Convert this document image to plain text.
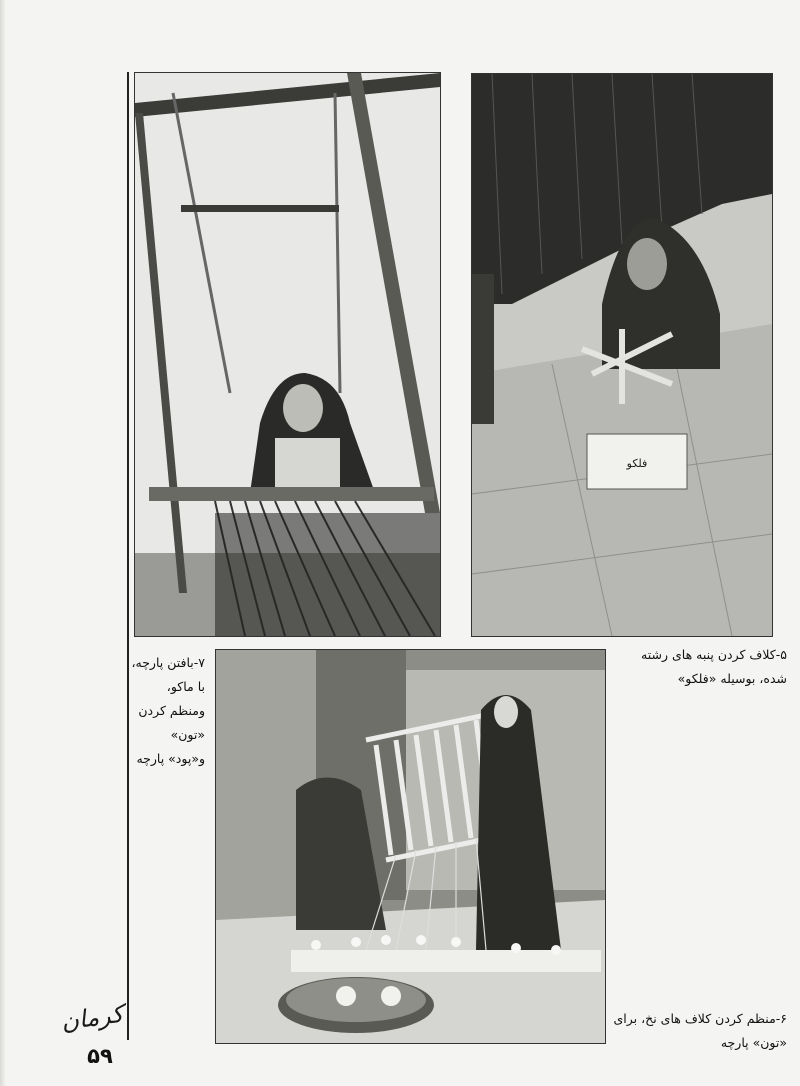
فلکو
۷-بافتن پارچه، با ماکو، ومنظم کردن «تون» و«پود» پارچه
۵-کلاف کردن پنبه های رشته شده، بوسیله «فلکو»
۶-منظم کردن کلاف های نخ، برای «تون» پارچه
کرمان
۵۹
